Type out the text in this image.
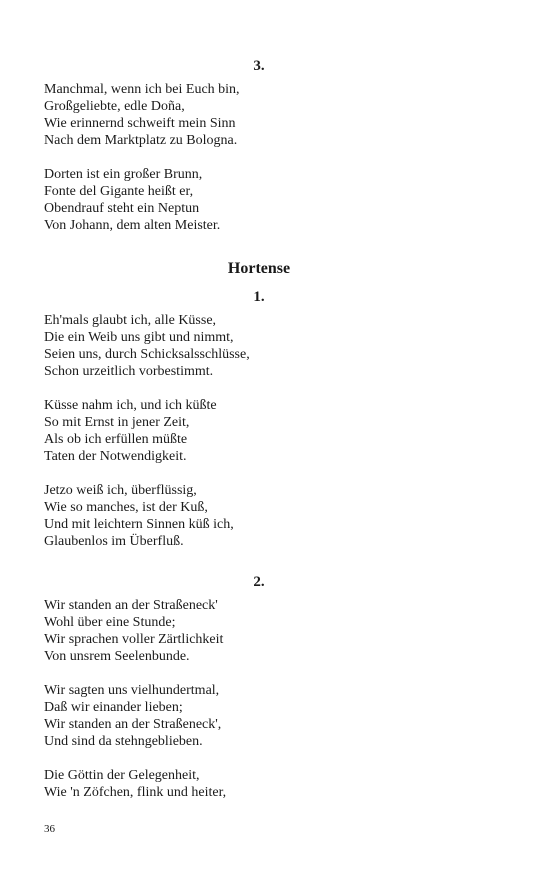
3.

Manchmal, wenn ich bei Euch bin,
Großgeliebte, edle Doña,
Wie erinnernd schweift mein Sinn
Nach dem Marktplatz zu Bologna.
Dorten ist ein großer Brunn,
Fonte del Gigante heißt er,
Obendrauf steht ein Neptun
Von Johann, dem alten Meister.

Hortense

1.

Eh'mals glaubt ich, alle Küsse,
Die ein Weib uns gibt und nimmt,
Seien uns, durch Schicksalsschlüsse,
Schon urzeitlich vorbestimmt.
Küsse nahm ich, und ich küßte
So mit Ernst in jener Zeit,
Als ob ich erfüllen müßte
Taten der Notwendigkeit.
Jetzo weiß ich, überflüssig,
Wie so manches, ist der Kuß,
Und mit leichtern Sinnen küß ich,
Glaubenlos im Überfluß.

2.

Wir standen an der Straßeneck'
Wohl über eine Stunde;
Wir sprachen voller Zärtlichkeit
Von unsrem Seelenbunde.
Wir sagten uns vielhundertmal,
Daß wir einander lieben;
Wir standen an der Straßeneck',
Und sind da stehngeblieben.
Die Göttin der Gelegenheit,
Wie 'n Zöfchen, flink und heiter,
36
